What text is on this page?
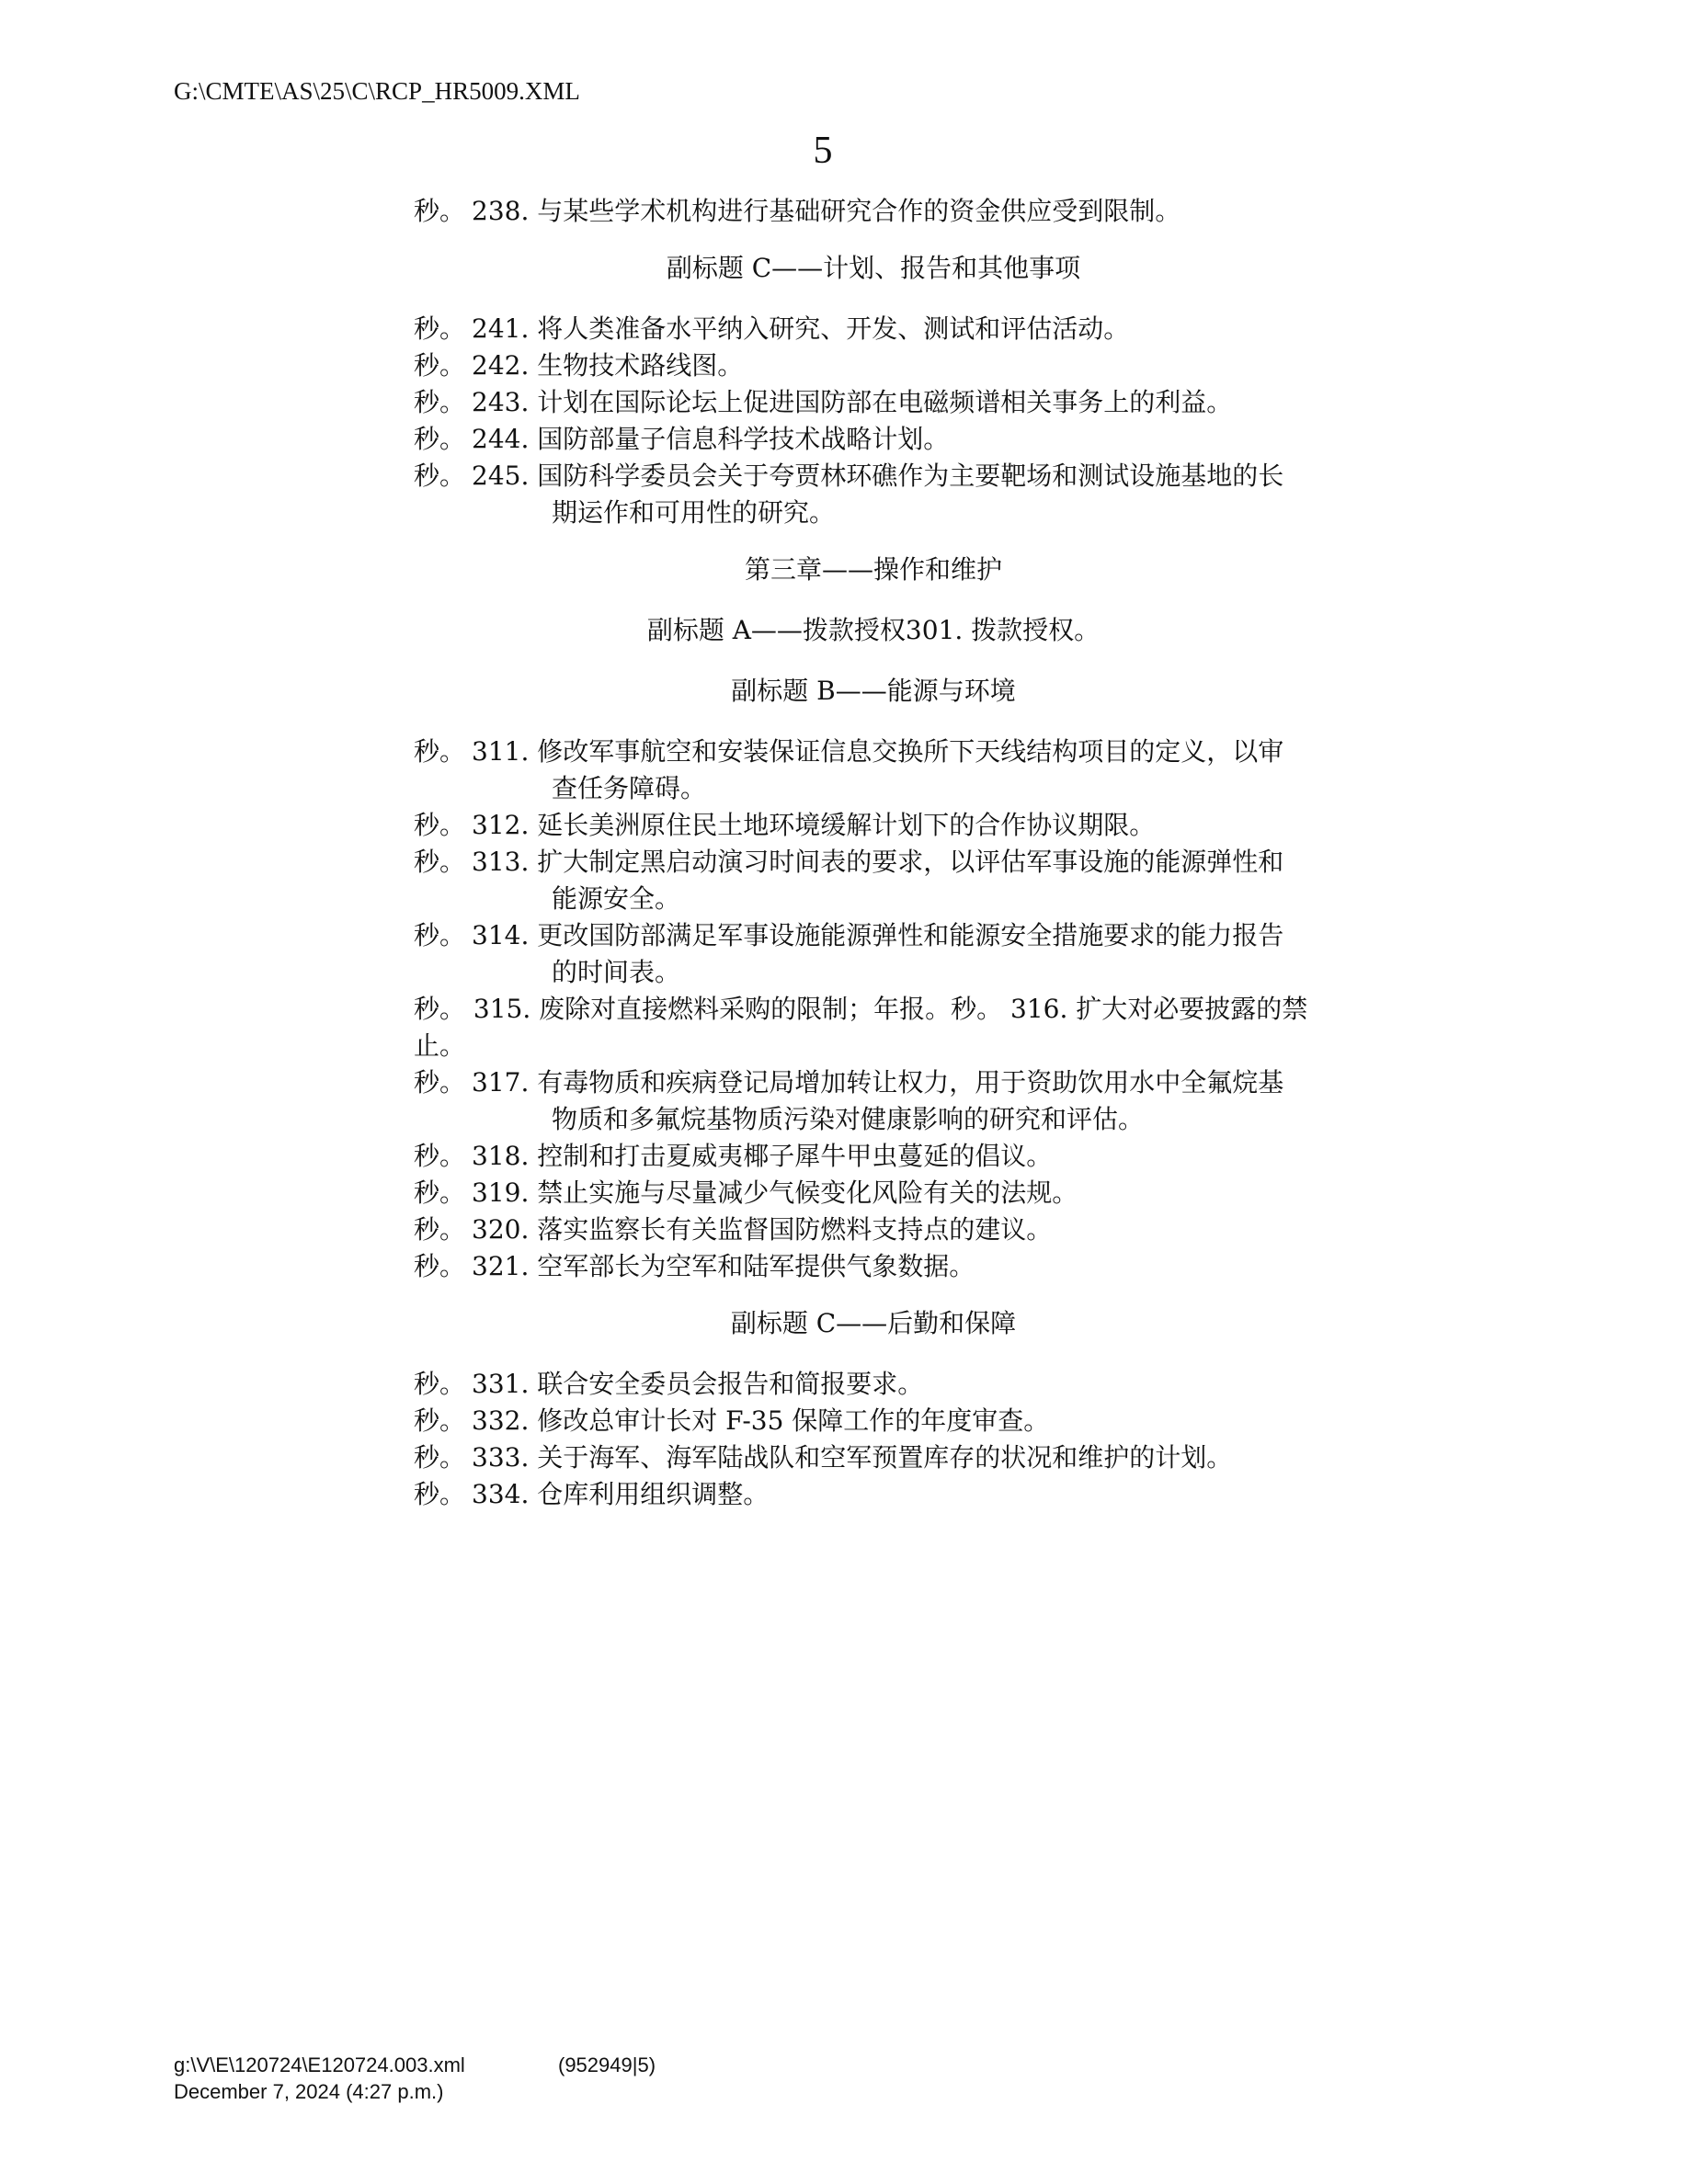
G:\CMTE\AS\25\C\RCP_HR5009.XML
5
秒。 238. 与某些学术机构进行基础研究合作的资金供应受到限制。
副标题 C——计划、报告和其他事项
秒。 241. 将人类准备水平纳入研究、开发、测试和评估活动。
秒。 242. 生物技术路线图。
秒。 243. 计划在国际论坛上促进国防部在电磁频谱相关事务上的利益。
秒。 244. 国防部量子信息科学技术战略计划。
秒。 245. 国防科学委员会关于夸贾林环礁作为主要靶场和测试设施基地的长
期运作和可用性的研究。
第三章——操作和维护
副标题 A——拨款授权301. 拨款授权。
副标题 B——能源与环境
秒。 311. 修改军事航空和安装保证信息交换所下天线结构项目的定义，以审
查任务障碍。
秒。 312. 延长美洲原住民土地环境缓解计划下的合作协议期限。
秒。 313. 扩大制定黑启动演习时间表的要求，以评估军事设施的能源弹性和
能源安全。
秒。 314. 更改国防部满足军事设施能源弹性和能源安全措施要求的能力报告
的时间表。
秒。 315. 废除对直接燃料采购的限制；年报。秒。 316. 扩大对必要披露的禁
止。
秒。 317. 有毒物质和疾病登记局增加转让权力，用于资助饮用水中全氟烷基
物质和多氟烷基物质污染对健康影响的研究和评估。
秒。 318. 控制和打击夏威夷椰子犀牛甲虫蔓延的倡议。
秒。 319. 禁止实施与尽量减少气候变化风险有关的法规。
秒。 320. 落实监察长有关监督国防燃料支持点的建议。
秒。 321. 空军部长为空军和陆军提供气象数据。
副标题 C——后勤和保障
秒。 331. 联合安全委员会报告和简报要求。
秒。 332. 修改总审计长对 F-35 保障工作的年度审查。
秒。 333. 关于海军、海军陆战队和空军预置库存的状况和维护的计划。
秒。 334. 仓库利用组织调整。
g:\V\E\120724\E120724.003.xml	(952949|5)
December 7, 2024 (4:27 p.m.)
